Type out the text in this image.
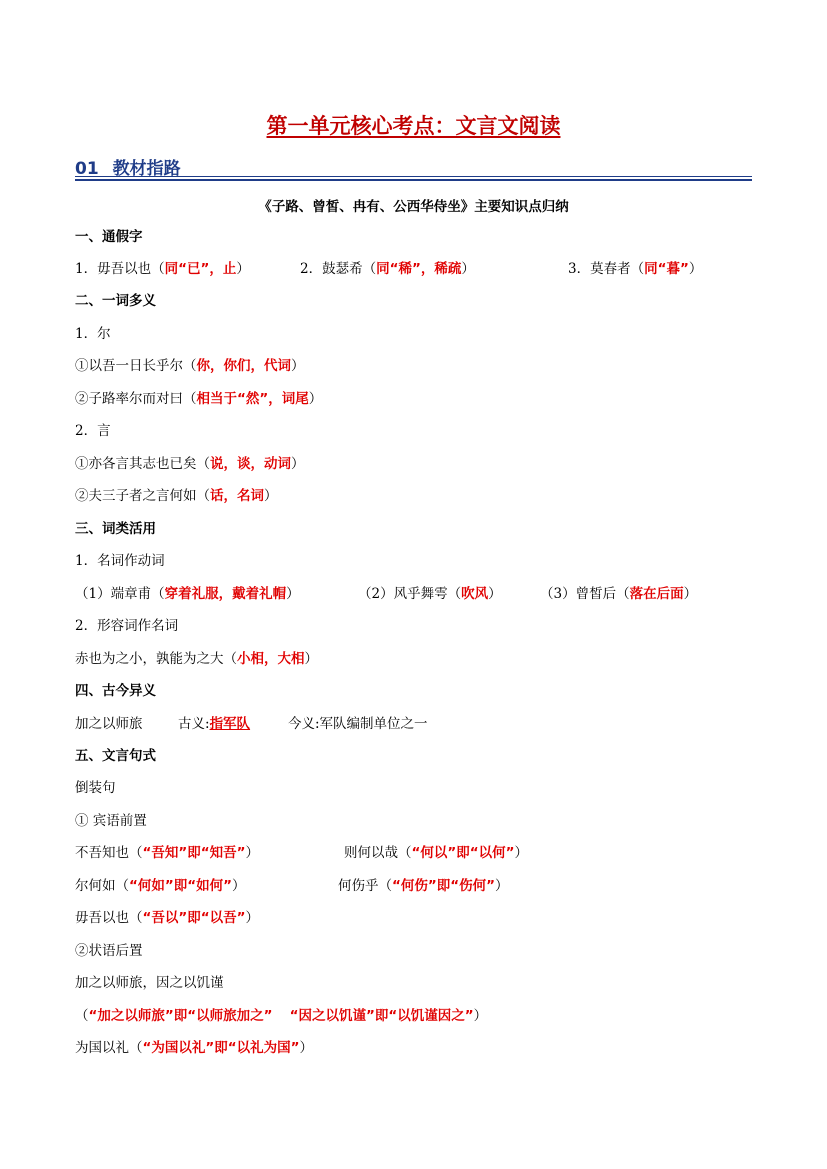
第一单元核心考点：文言文阅读
01 教材指路
《子路、曾皙、冉有、公西华侍坐》主要知识点归纳
一、通假字
1．毋吾以也（同“已”，止）	2．鼓瑟希（同“稀”，稀疏）	3．莫春者（同“暮”）
二、一词多义
1．尔
①以吾一日长乎尔（你，你们，代词）
②子路率尔而对曰（相当于“然”，词尾）
2．言
①亦各言其志也已矣（说，谈，动词）
②夫三子者之言何如（话，名词）
三、词类活用
1．名词作动词
（1）端章甫（穿着礼服，戴着礼帽）	（2）风乎舞雩（吹风）	（3）曾皙后（落在后面）
2．形容词作名词
赤也为之小，孰能为之大（小相，大相）
四、古今异义
加之以师旅	古义:指军队	今义:军队编制单位之一
五、文言句式
倒装句
① 宾语前置
不吾知也（“吾知”即“知吾”）	则何以哉（“何以”即“以何”）
尔何如（“何如”即“如何”）	何伤乎（“何伤”即“伤何”）
毋吾以也（“吾以”即“以吾”）
②状语后置
加之以师旅，因之以饥谨
（“加之以师旅”即“以师旅加之” “因之以饥谨”即“以饥谨因之”）
为国以礼（“为国以礼”即“以礼为国”）
